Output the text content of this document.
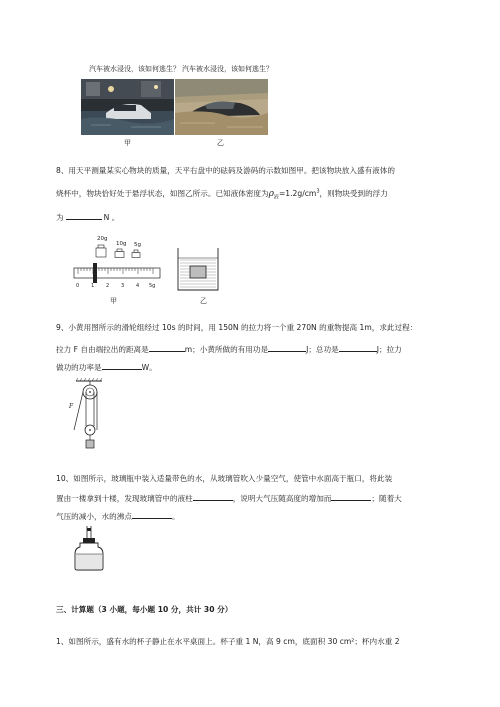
汽车被水浸没，该如何逃生？ 汽车被水浸没，该如何逃生？
甲	乙
8、用天平测量某实心物块的质量，天平右盘中的砝码及游码的示数如图甲。把该物块放入盛有液体的
烧杯中，物块恰好处于悬浮状态，如图乙所示。已知液体密度为$\rho_液=1.2g/cm^3$，则物块受到的浮力
为	N 。
20g
10g 5g
0 1 2 3 4 5g
甲	乙
9、小黄用图所示的滑轮组经过 10s 的时间，用 150N 的拉力将一个重 270N 的重物提高 1m，求此过程：
拉力 F 自由端拉出的距离是	m；小黄所做的有用功是	J；总功是	J；拉力
做功的功率是	W。
F
10、如图所示，玻璃瓶中装入适量带色的水，从玻璃管吹入少量空气，使管中水面高于瓶口，将此装
置由一楼拿到十楼，发现玻璃管中的液柱	，说明大气压随高度的增加而	；随着大
气压的减小，水的沸点	。
三、计算题（3 小题，每小题 10 分，共计 30 分）
1、如图所示，盛有水的杯子静止在水平桌面上。杯子重 1 N，高 9 cm，底面积 30 cm²；杯内水重 2
